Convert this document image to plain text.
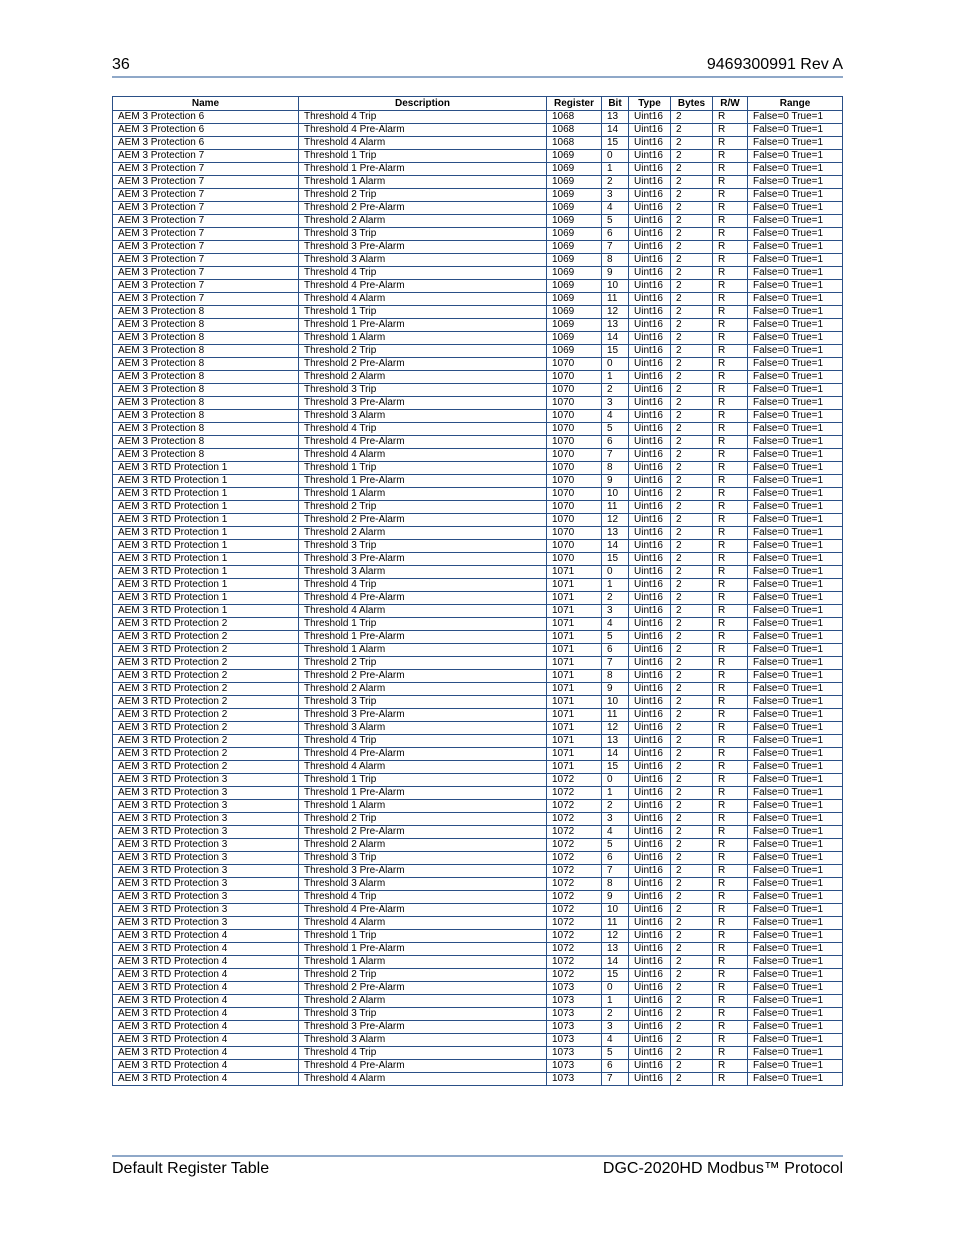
36	9469300991 Rev A
Name	Description	Register	Bit	Type	Bytes	R/W	Range
AEM 3 Protection 6	Threshold 4 Trip	1068	13	Uint16	2	R	False=0 True=1
AEM 3 Protection 6	Threshold 4 Pre-Alarm	1068	14	Uint16	2	R	False=0 True=1
AEM 3 Protection 6	Threshold 4 Alarm	1068	15	Uint16	2	R	False=0 True=1
AEM 3 Protection 7	Threshold 1 Trip	1069	0	Uint16	2	R	False=0 True=1
AEM 3 Protection 7	Threshold 1 Pre-Alarm	1069	1	Uint16	2	R	False=0 True=1
AEM 3 Protection 7	Threshold 1 Alarm	1069	2	Uint16	2	R	False=0 True=1
AEM 3 Protection 7	Threshold 2 Trip	1069	3	Uint16	2	R	False=0 True=1
AEM 3 Protection 7	Threshold 2 Pre-Alarm	1069	4	Uint16	2	R	False=0 True=1
AEM 3 Protection 7	Threshold 2 Alarm	1069	5	Uint16	2	R	False=0 True=1
AEM 3 Protection 7	Threshold 3 Trip	1069	6	Uint16	2	R	False=0 True=1
AEM 3 Protection 7	Threshold 3 Pre-Alarm	1069	7	Uint16	2	R	False=0 True=1
AEM 3 Protection 7	Threshold 3 Alarm	1069	8	Uint16	2	R	False=0 True=1
AEM 3 Protection 7	Threshold 4 Trip	1069	9	Uint16	2	R	False=0 True=1
AEM 3 Protection 7	Threshold 4 Pre-Alarm	1069	10	Uint16	2	R	False=0 True=1
AEM 3 Protection 7	Threshold 4 Alarm	1069	11	Uint16	2	R	False=0 True=1
AEM 3 Protection 8	Threshold 1 Trip	1069	12	Uint16	2	R	False=0 True=1
AEM 3 Protection 8	Threshold 1 Pre-Alarm	1069	13	Uint16	2	R	False=0 True=1
AEM 3 Protection 8	Threshold 1 Alarm	1069	14	Uint16	2	R	False=0 True=1
AEM 3 Protection 8	Threshold 2 Trip	1069	15	Uint16	2	R	False=0 True=1
AEM 3 Protection 8	Threshold 2 Pre-Alarm	1070	0	Uint16	2	R	False=0 True=1
AEM 3 Protection 8	Threshold 2 Alarm	1070	1	Uint16	2	R	False=0 True=1
AEM 3 Protection 8	Threshold 3 Trip	1070	2	Uint16	2	R	False=0 True=1
AEM 3 Protection 8	Threshold 3 Pre-Alarm	1070	3	Uint16	2	R	False=0 True=1
AEM 3 Protection 8	Threshold 3 Alarm	1070	4	Uint16	2	R	False=0 True=1
AEM 3 Protection 8	Threshold 4 Trip	1070	5	Uint16	2	R	False=0 True=1
AEM 3 Protection 8	Threshold 4 Pre-Alarm	1070	6	Uint16	2	R	False=0 True=1
AEM 3 Protection 8	Threshold 4 Alarm	1070	7	Uint16	2	R	False=0 True=1
AEM 3 RTD Protection 1	Threshold 1 Trip	1070	8	Uint16	2	R	False=0 True=1
AEM 3 RTD Protection 1	Threshold 1 Pre-Alarm	1070	9	Uint16	2	R	False=0 True=1
AEM 3 RTD Protection 1	Threshold 1 Alarm	1070	10	Uint16	2	R	False=0 True=1
AEM 3 RTD Protection 1	Threshold 2 Trip	1070	11	Uint16	2	R	False=0 True=1
AEM 3 RTD Protection 1	Threshold 2 Pre-Alarm	1070	12	Uint16	2	R	False=0 True=1
AEM 3 RTD Protection 1	Threshold 2 Alarm	1070	13	Uint16	2	R	False=0 True=1
AEM 3 RTD Protection 1	Threshold 3 Trip	1070	14	Uint16	2	R	False=0 True=1
AEM 3 RTD Protection 1	Threshold 3 Pre-Alarm	1070	15	Uint16	2	R	False=0 True=1
AEM 3 RTD Protection 1	Threshold 3 Alarm	1071	0	Uint16	2	R	False=0 True=1
AEM 3 RTD Protection 1	Threshold 4 Trip	1071	1	Uint16	2	R	False=0 True=1
AEM 3 RTD Protection 1	Threshold 4 Pre-Alarm	1071	2	Uint16	2	R	False=0 True=1
AEM 3 RTD Protection 1	Threshold 4 Alarm	1071	3	Uint16	2	R	False=0 True=1
AEM 3 RTD Protection 2	Threshold 1 Trip	1071	4	Uint16	2	R	False=0 True=1
AEM 3 RTD Protection 2	Threshold 1 Pre-Alarm	1071	5	Uint16	2	R	False=0 True=1
AEM 3 RTD Protection 2	Threshold 1 Alarm	1071	6	Uint16	2	R	False=0 True=1
AEM 3 RTD Protection 2	Threshold 2 Trip	1071	7	Uint16	2	R	False=0 True=1
AEM 3 RTD Protection 2	Threshold 2 Pre-Alarm	1071	8	Uint16	2	R	False=0 True=1
AEM 3 RTD Protection 2	Threshold 2 Alarm	1071	9	Uint16	2	R	False=0 True=1
AEM 3 RTD Protection 2	Threshold 3 Trip	1071	10	Uint16	2	R	False=0 True=1
AEM 3 RTD Protection 2	Threshold 3 Pre-Alarm	1071	11	Uint16	2	R	False=0 True=1
AEM 3 RTD Protection 2	Threshold 3 Alarm	1071	12	Uint16	2	R	False=0 True=1
AEM 3 RTD Protection 2	Threshold 4 Trip	1071	13	Uint16	2	R	False=0 True=1
AEM 3 RTD Protection 2	Threshold 4 Pre-Alarm	1071	14	Uint16	2	R	False=0 True=1
AEM 3 RTD Protection 2	Threshold 4 Alarm	1071	15	Uint16	2	R	False=0 True=1
AEM 3 RTD Protection 3	Threshold 1 Trip	1072	0	Uint16	2	R	False=0 True=1
AEM 3 RTD Protection 3	Threshold 1 Pre-Alarm	1072	1	Uint16	2	R	False=0 True=1
AEM 3 RTD Protection 3	Threshold 1 Alarm	1072	2	Uint16	2	R	False=0 True=1
AEM 3 RTD Protection 3	Threshold 2 Trip	1072	3	Uint16	2	R	False=0 True=1
AEM 3 RTD Protection 3	Threshold 2 Pre-Alarm	1072	4	Uint16	2	R	False=0 True=1
AEM 3 RTD Protection 3	Threshold 2 Alarm	1072	5	Uint16	2	R	False=0 True=1
AEM 3 RTD Protection 3	Threshold 3 Trip	1072	6	Uint16	2	R	False=0 True=1
AEM 3 RTD Protection 3	Threshold 3 Pre-Alarm	1072	7	Uint16	2	R	False=0 True=1
AEM 3 RTD Protection 3	Threshold 3 Alarm	1072	8	Uint16	2	R	False=0 True=1
AEM 3 RTD Protection 3	Threshold 4 Trip	1072	9	Uint16	2	R	False=0 True=1
AEM 3 RTD Protection 3	Threshold 4 Pre-Alarm	1072	10	Uint16	2	R	False=0 True=1
AEM 3 RTD Protection 3	Threshold 4 Alarm	1072	11	Uint16	2	R	False=0 True=1
AEM 3 RTD Protection 4	Threshold 1 Trip	1072	12	Uint16	2	R	False=0 True=1
AEM 3 RTD Protection 4	Threshold 1 Pre-Alarm	1072	13	Uint16	2	R	False=0 True=1
AEM 3 RTD Protection 4	Threshold 1 Alarm	1072	14	Uint16	2	R	False=0 True=1
AEM 3 RTD Protection 4	Threshold 2 Trip	1072	15	Uint16	2	R	False=0 True=1
AEM 3 RTD Protection 4	Threshold 2 Pre-Alarm	1073	0	Uint16	2	R	False=0 True=1
AEM 3 RTD Protection 4	Threshold 2 Alarm	1073	1	Uint16	2	R	False=0 True=1
AEM 3 RTD Protection 4	Threshold 3 Trip	1073	2	Uint16	2	R	False=0 True=1
AEM 3 RTD Protection 4	Threshold 3 Pre-Alarm	1073	3	Uint16	2	R	False=0 True=1
AEM 3 RTD Protection 4	Threshold 3 Alarm	1073	4	Uint16	2	R	False=0 True=1
AEM 3 RTD Protection 4	Threshold 4 Trip	1073	5	Uint16	2	R	False=0 True=1
AEM 3 RTD Protection 4	Threshold 4 Pre-Alarm	1073	6	Uint16	2	R	False=0 True=1
AEM 3 RTD Protection 4	Threshold 4 Alarm	1073	7	Uint16	2	R	False=0 True=1
Default Register Table	DGC-2020HD Modbus™ Protocol
